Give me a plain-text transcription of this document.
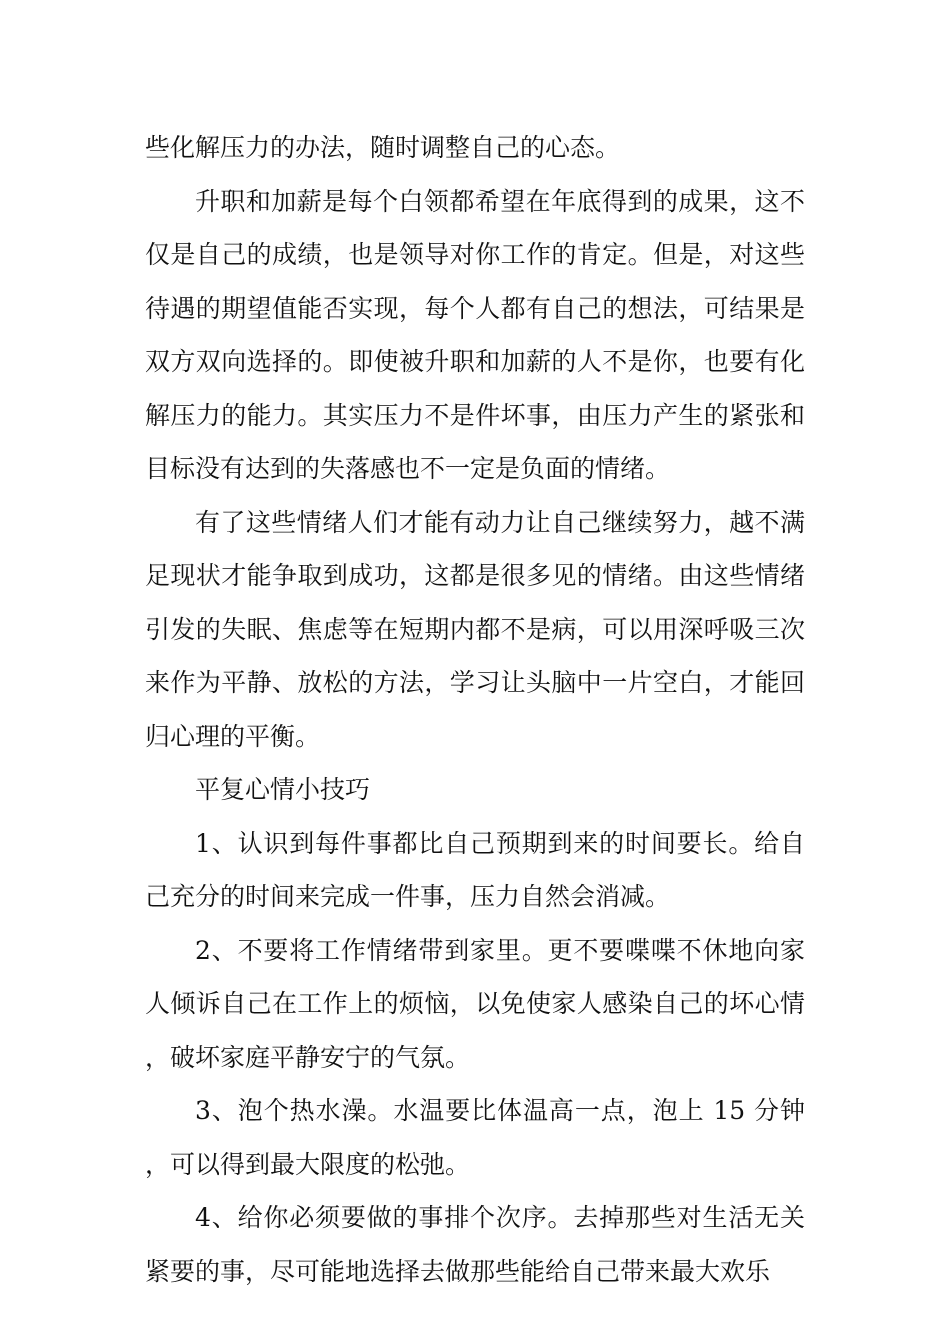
些化解压力的办法，随时调整自己的心态。

升职和加薪是每个白领都希望在年底得到的成果，这不仅是自己的成绩，也是领导对你工作的肯定。但是，对这些待遇的期望值能否实现，每个人都有自己的想法，可结果是双方双向选择的。即使被升职和加薪的人不是你，也要有化解压力的能力。其实压力不是件坏事，由压力产生的紧张和目标没有达到的失落感也不一定是负面的情绪。

有了这些情绪人们才能有动力让自己继续努力，越不满足现状才能争取到成功，这都是很多见的情绪。由这些情绪引发的失眠、焦虑等在短期内都不是病，可以用深呼吸三次来作为平静、放松的方法，学习让头脑中一片空白，才能回归心理的平衡。

平复心情小技巧

1、认识到每件事都比自己预期到来的时间要长。给自己充分的时间来完成一件事，压力自然会消减。

2、不要将工作情绪带到家里。更不要喋喋不休地向家人倾诉自己在工作上的烦恼，以免使家人感染自己的坏心情，破坏家庭平静安宁的气氛。

3、泡个热水澡。水温要比体温高一点，泡上 15 分钟，可以得到最大限度的松弛。

4、给你必须要做的事排个次序。去掉那些对生活无关紧要的事，尽可能地选择去做那些能给自己带来最大欢乐
